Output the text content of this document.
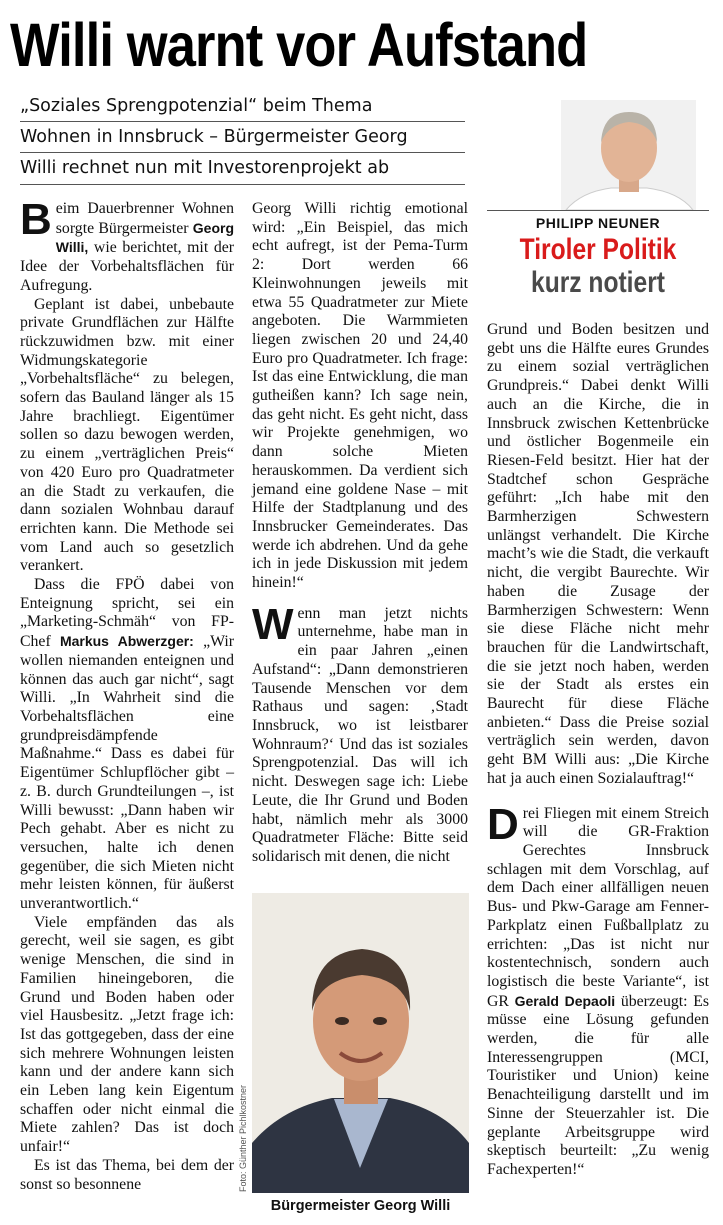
Willi warnt vor Aufstand
„Soziales Sprengpotenzial“ beim Thema
Wohnen in Innsbruck – Bürgermeister Georg
Willi rechnet nun mit Investorenprojekt ab

Beim Dauerbrenner Wohnen sorgte Bürgermeister Georg Willi, wie berichtet, mit der Idee der Vorbehaltsflächen für Aufregung.

Geplant ist dabei, unbebaute private Grundflächen zur Hälfte rückzuwidmen bzw. mit einer Widmungskategorie „Vorbehaltsfläche“ zu belegen, sofern das Bauland länger als 15 Jahre brachliegt. Eigentümer sollen so dazu bewogen werden, zu einem „verträglichen Preis“ von 420 Euro pro Quadratmeter an die Stadt zu verkaufen, die dann sozialen Wohnbau darauf errichten kann. Die Methode sei vom Land auch so gesetzlich verankert.

Dass die FPÖ dabei von Enteignung spricht, sei ein „Marketing-Schmäh“ von FP-Chef Markus Abwerzger: „Wir wollen niemanden enteignen und können das auch gar nicht“, sagt Willi. „In Wahrheit sind die Vorbehaltsflächen eine grundpreisdämpfende Maßnahme.“ Dass es dabei für Eigentümer Schlupflöcher gibt – z. B. durch Grundteilungen –, ist Willi bewusst: „Dann haben wir Pech gehabt. Aber es nicht zu versuchen, halte ich denen gegenüber, die sich Mieten nicht mehr leisten können, für äußerst unverantwortlich.“

Viele empfänden das als gerecht, weil sie sagen, es gibt wenige Menschen, die sind in Familien hineingeboren, die Grund und Boden haben oder viel Hausbesitz. „Jetzt frage ich: Ist das gottgegeben, dass der eine sich mehrere Wohnungen leisten kann und der andere kann sich ein Leben lang kein Eigentum schaffen oder nicht einmal die Miete zahlen? Das ist doch unfair!“

Es ist das Thema, bei dem der sonst so besonnene

Georg Willi richtig emotional wird: „Ein Beispiel, das mich echt aufregt, ist der Pema-Turm 2: Dort werden 66 Kleinwohnungen jeweils mit etwa 55 Quadratmeter zur Miete angeboten. Die Warmmieten liegen zwischen 20 und 24,40 Euro pro Quadratmeter. Ich frage: Ist das eine Entwicklung, die man gutheißen kann? Ich sage nein, das geht nicht. Es geht nicht, dass wir Projekte genehmigen, wo dann solche Mieten herauskommen. Da verdient sich jemand eine goldene Nase – mit Hilfe der Stadtplanung und des Innsbrucker Gemeinderates. Das werde ich abdrehen. Und da gehe ich in jede Diskussion mit jedem hinein!“

Wenn man jetzt nichts unternehme, habe man in ein paar Jahren „einen Aufstand“: „Dann demonstrieren Tausende Menschen vor dem Rathaus und sagen: ‚Stadt Innsbruck, wo ist leistbarer Wohnraum?‘ Und das ist soziales Sprengpotenzial. Das will ich nicht. Deswegen sage ich: Liebe Leute, die Ihr Grund und Boden habt, nämlich mehr als 3000 Quadratmeter Fläche: Bitte seid solidarisch mit denen, die nicht

Foto: Günther Pichlkostner
Bürgermeister Georg Willi
PHILIPP NEUNER
Tiroler Politik
kurz notiert

Grund und Boden besitzen und gebt uns die Hälfte eures Grundes zu einem sozial verträglichen Grundpreis.“ Dabei denkt Willi auch an die Kirche, die in Innsbruck zwischen Kettenbrücke und östlicher Bogenmeile ein Riesen-Feld besitzt. Hier hat der Stadtchef schon Gespräche geführt: „Ich habe mit den Barmherzigen Schwestern unlängst verhandelt. Die Kirche macht’s wie die Stadt, die verkauft nicht, die vergibt Baurechte. Wir haben die Zusage der Barmherzigen Schwestern: Wenn sie diese Fläche nicht mehr brauchen für die Landwirtschaft, die sie jetzt noch haben, werden sie der Stadt als erstes ein Baurecht für diese Fläche anbieten.“ Dass die Preise sozial verträglich sein werden, davon geht BM Willi aus: „Die Kirche hat ja auch einen Sozialauftrag!“

Drei Fliegen mit einem Streich will die GR-Fraktion Gerechtes Innsbruck schlagen mit dem Vorschlag, auf dem Dach einer allfälligen neuen Bus- und Pkw-Garage am Fenner-Parkplatz einen Fußballplatz zu errichten: „Das ist nicht nur kostentechnisch, sondern auch logistisch die beste Variante“, ist GR Gerald Depaoli überzeugt: Es müsse eine Lösung gefunden werden, die für alle Interessengruppen (MCI, Touristiker und Union) keine Benachteiligung darstellt und im Sinne der Steuerzahler ist. Die geplante Arbeitsgruppe wird skeptisch beurteilt: „Zu wenig Fachexperten!“
